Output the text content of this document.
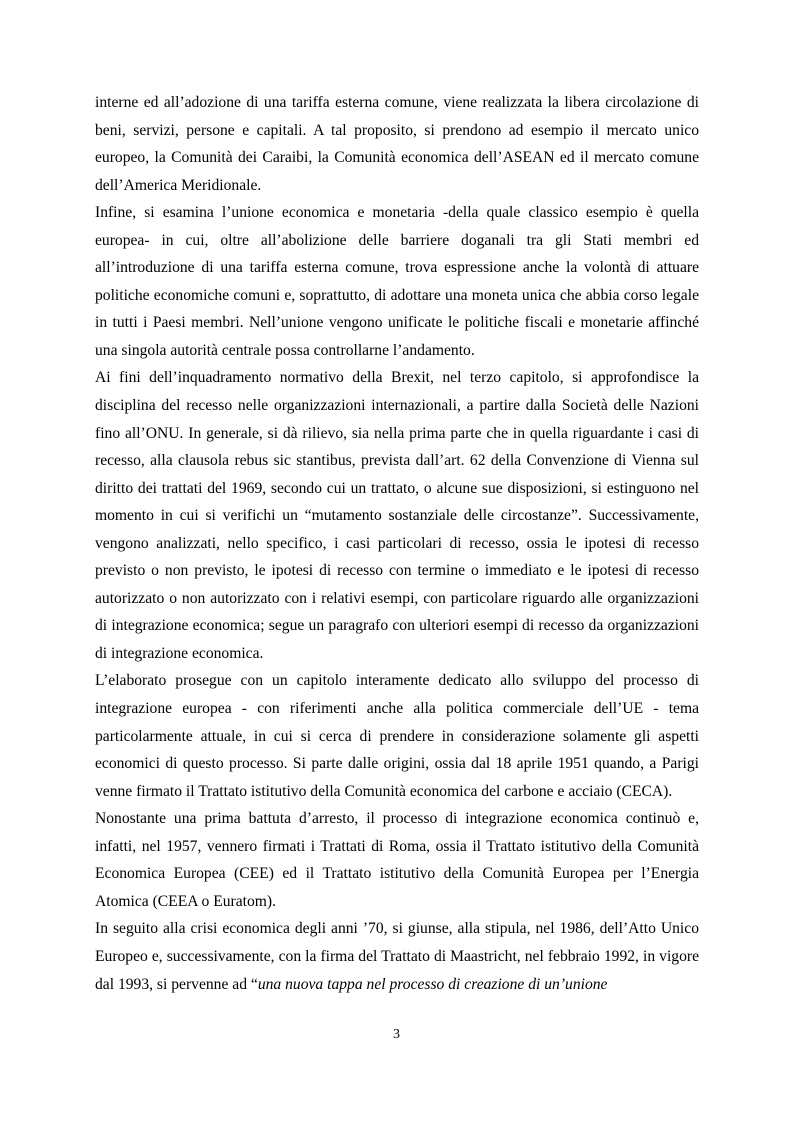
interne ed all’adozione di una tariffa esterna comune, viene realizzata la libera circolazione di beni, servizi, persone e capitali. A tal proposito, si prendono ad esempio il mercato unico europeo, la Comunità dei Caraibi, la Comunità economica dell’ASEAN ed il mercato comune dell’America Meridionale.

Infine, si esamina l’unione economica e monetaria -della quale classico esempio è quella europea- in cui, oltre all’abolizione delle barriere doganali tra gli Stati membri ed all’introduzione di una tariffa esterna comune, trova espressione anche la volontà di attuare politiche economiche comuni e, soprattutto, di adottare una moneta unica che abbia corso legale in tutti i Paesi membri. Nell’unione vengono unificate le politiche fiscali e monetarie affinché una singola autorità centrale possa controllarne l’andamento.

Ai fini dell’inquadramento normativo della Brexit, nel terzo capitolo, si approfondisce la disciplina del recesso nelle organizzazioni internazionali, a partire dalla Società delle Nazioni fino all’ONU. In generale, si dà rilievo, sia nella prima parte che in quella riguardante i casi di recesso, alla clausola rebus sic stantibus, prevista dall’art. 62 della Convenzione di Vienna sul diritto dei trattati del 1969, secondo cui un trattato, o alcune sue disposizioni, si estinguono nel momento in cui si verifichi un “mutamento sostanziale delle circostanze”. Successivamente, vengono analizzati, nello specifico, i casi particolari di recesso, ossia le ipotesi di recesso previsto o non previsto, le ipotesi di recesso con termine o immediato e le ipotesi di recesso autorizzato o non autorizzato con i relativi esempi, con particolare riguardo alle organizzazioni di integrazione economica; segue un paragrafo con ulteriori esempi di recesso da organizzazioni di integrazione economica.

L’elaborato prosegue con un capitolo interamente dedicato allo sviluppo del processo di integrazione europea - con riferimenti anche alla politica commerciale dell’UE - tema particolarmente attuale, in cui si cerca di prendere in considerazione solamente gli aspetti economici di questo processo. Si parte dalle origini, ossia dal 18 aprile 1951 quando, a Parigi venne firmato il Trattato istitutivo della Comunità economica del carbone e acciaio (CECA).

Nonostante una prima battuta d’arresto, il processo di integrazione economica continuò e, infatti, nel 1957, vennero firmati i Trattati di Roma, ossia il Trattato istitutivo della Comunità Economica Europea (CEE) ed il Trattato istitutivo della Comunità Europea per l’Energia Atomica (CEEA o Euratom).

In seguito alla crisi economica degli anni ’70, si giunse, alla stipula, nel 1986, dell’Atto Unico Europeo e, successivamente, con la firma del Trattato di Maastricht, nel febbraio 1992, in vigore dal 1993, si pervenne ad “una nuova tappa nel processo di creazione di un’unione

3
